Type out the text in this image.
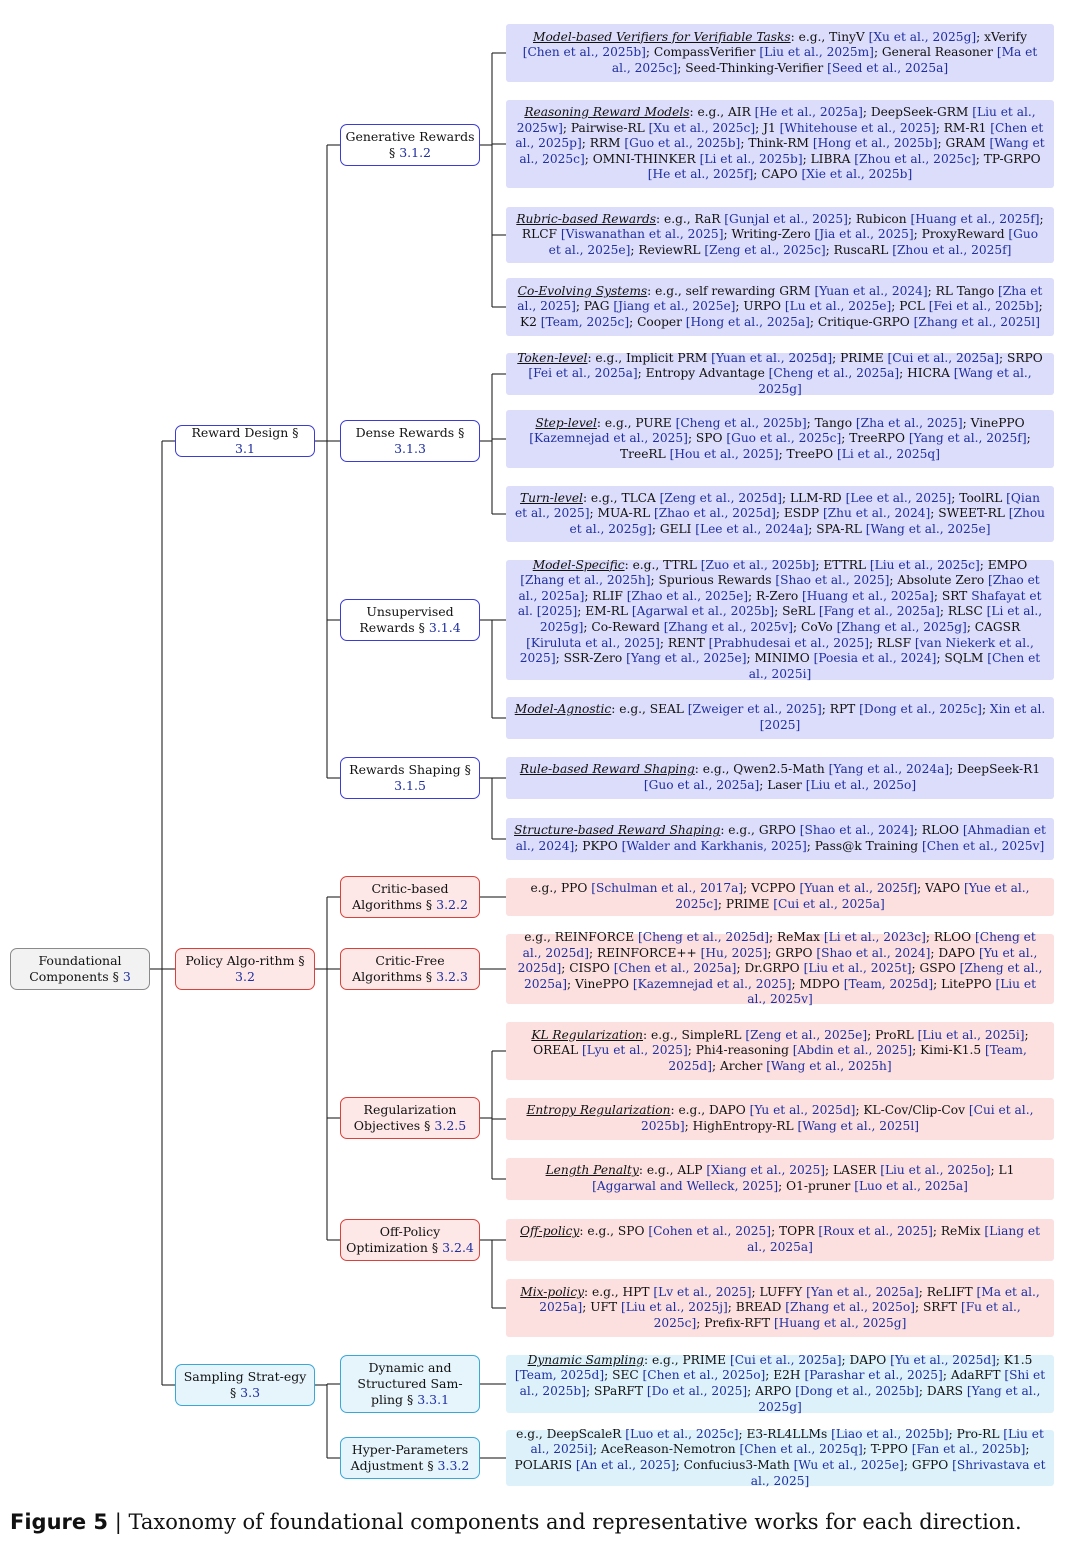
Foundational Components § 3
Reward Design § 3.1
Policy Algo-rithm § 3.2
Sampling Strat-egy § 3.3
Generative Rewards § 3.1.2
Dense Rewards § 3.1.3
Unsupervised Rewards § 3.1.4
Rewards Shaping § 3.1.5
Critic-based Algorithms § 3.2.2
Critic-Free Algorithms § 3.2.3
Regularization Objectives § 3.2.5
Off-Policy Optimization § 3.2.4
Dynamic and Structured Sam-pling § 3.3.1
Hyper-Parameters Adjustment § 3.3.2

Model-based Verifiers for Verifiable Tasks: e.g., TinyV [Xu et al., 2025g]; xVerify [Chen et al., 2025b]; CompassVerifier [Liu et al., 2025m]; General Reasoner [Ma et al., 2025c]; Seed-Thinking-Verifier [Seed et al., 2025a]

Reasoning Reward Models: e.g., AIR [He et al., 2025a]; DeepSeek-GRM [Liu et al., 2025w]; Pairwise-RL [Xu et al., 2025c]; J1 [Whitehouse et al., 2025]; RM-R1 [Chen et al., 2025p]; RRM [Guo et al., 2025b]; Think-RM [Hong et al., 2025b]; GRAM [Wang et al., 2025c]; OMNI-THINKER [Li et al., 2025b]; LIBRA [Zhou et al., 2025c]; TP-GRPO [He et al., 2025f]; CAPO [Xie et al., 2025b]

Rubric-based Rewards: e.g., RaR [Gunjal et al., 2025]; Rubicon [Huang et al., 2025f]; RLCF [Viswanathan et al., 2025]; Writing-Zero [Jia et al., 2025]; ProxyReward [Guo et al., 2025e]; ReviewRL [Zeng et al., 2025c]; RuscaRL [Zhou et al., 2025f]

Co-Evolving Systems: e.g., self rewarding GRM [Yuan et al., 2024]; RL Tango [Zha et al., 2025]; PAG [Jiang et al., 2025e]; URPO [Lu et al., 2025e]; PCL [Fei et al., 2025b]; K2 [Team, 2025c]; Cooper [Hong et al., 2025a]; Critique-GRPO [Zhang et al., 2025l]

Token-level: e.g., Implicit PRM [Yuan et al., 2025d]; PRIME [Cui et al., 2025a]; SRPO [Fei et al., 2025a]; Entropy Advantage [Cheng et al., 2025a]; HICRA [Wang et al., 2025g]

Step-level: e.g., PURE [Cheng et al., 2025b]; Tango [Zha et al., 2025]; VinePPO [Kazemnejad et al., 2025]; SPO [Guo et al., 2025c]; TreeRPO [Yang et al., 2025f]; TreeRL [Hou et al., 2025]; TreePO [Li et al., 2025q]

Turn-level: e.g., TLCA [Zeng et al., 2025d]; LLM-RD [Lee et al., 2025]; ToolRL [Qian et al., 2025]; MUA-RL [Zhao et al., 2025d]; ESDP [Zhu et al., 2024]; SWEET-RL [Zhou et al., 2025g]; GELI [Lee et al., 2024a]; SPA-RL [Wang et al., 2025e]

Model-Specific: e.g., TTRL [Zuo et al., 2025b]; ETTRL [Liu et al., 2025c]; EMPO [Zhang et al., 2025h]; Spurious Rewards [Shao et al., 2025]; Absolute Zero [Zhao et al., 2025a]; RLIF [Zhao et al., 2025e]; R-Zero [Huang et al., 2025a]; SRT Shafayat et al. [2025]; EM-RL [Agarwal et al., 2025b]; SeRL [Fang et al., 2025a]; RLSC [Li et al., 2025g]; Co-Reward [Zhang et al., 2025v]; CoVo [Zhang et al., 2025g]; CAGSR [Kiruluta et al., 2025]; RENT [Prabhudesai et al., 2025]; RLSF [van Niekerk et al., 2025]; SSR-Zero [Yang et al., 2025e]; MINIMO [Poesia et al., 2024]; SQLM [Chen et al., 2025i]

Model-Agnostic: e.g., SEAL [Zweiger et al., 2025]; RPT [Dong et al., 2025c]; Xin et al. [2025]

Rule-based Reward Shaping: e.g., Qwen2.5-Math [Yang et al., 2024a]; DeepSeek-R1 [Guo et al., 2025a]; Laser [Liu et al., 2025o]

Structure-based Reward Shaping: e.g., GRPO [Shao et al., 2024]; RLOO [Ahmadian et al., 2024]; PKPO [Walder and Karkhanis, 2025]; Pass@k Training [Chen et al., 2025v]

e.g., PPO [Schulman et al., 2017a]; VCPPO [Yuan et al., 2025f]; VAPO [Yue et al., 2025c]; PRIME [Cui et al., 2025a]

e.g., REINFORCE [Cheng et al., 2025d]; ReMax [Li et al., 2023c]; RLOO [Cheng et al., 2025d]; REINFORCE++ [Hu, 2025]; GRPO [Shao et al., 2024]; DAPO [Yu et al., 2025d]; CISPO [Chen et al., 2025a]; Dr.GRPO [Liu et al., 2025t]; GSPO [Zheng et al., 2025a]; VinePPO [Kazemnejad et al., 2025]; MDPO [Team, 2025d]; LitePPO [Liu et al., 2025v]

KL Regularization: e.g., SimpleRL [Zeng et al., 2025e]; ProRL [Liu et al., 2025i]; OREAL [Lyu et al., 2025]; Phi4-reasoning [Abdin et al., 2025]; Kimi-K1.5 [Team, 2025d]; Archer [Wang et al., 2025h]

Entropy Regularization: e.g., DAPO [Yu et al., 2025d]; KL-Cov/Clip-Cov [Cui et al., 2025b]; HighEntropy-RL [Wang et al., 2025l]

Length Penalty: e.g., ALP [Xiang et al., 2025]; LASER [Liu et al., 2025o]; L1 [Aggarwal and Welleck, 2025]; O1-pruner [Luo et al., 2025a]

Off-policy: e.g., SPO [Cohen et al., 2025]; TOPR [Roux et al., 2025]; ReMix [Liang et al., 2025a]

Mix-policy: e.g., HPT [Lv et al., 2025]; LUFFY [Yan et al., 2025a]; ReLIFT [Ma et al., 2025a]; UFT [Liu et al., 2025j]; BREAD [Zhang et al., 2025o]; SRFT [Fu et al., 2025c]; Prefix-RFT [Huang et al., 2025g]

Dynamic Sampling: e.g., PRIME [Cui et al., 2025a]; DAPO [Yu et al., 2025d]; K1.5 [Team, 2025d]; SEC [Chen et al., 2025o]; E2H [Parashar et al., 2025]; AdaRFT [Shi et al., 2025b]; SPaRFT [Do et al., 2025]; ARPO [Dong et al., 2025b]; DARS [Yang et al., 2025g]

e.g., DeepScaleR [Luo et al., 2025c]; E3-RL4LLMs [Liao et al., 2025b]; Pro-RL [Liu et al., 2025i]; AceReason-Nemotron [Chen et al., 2025q]; T-PPO [Fan et al., 2025b]; POLARIS [An et al., 2025]; Confucius3-Math [Wu et al., 2025e]; GFPO [Shrivastava et al., 2025]

Figure 5 | Taxonomy of foundational components and representative works for each direction.
